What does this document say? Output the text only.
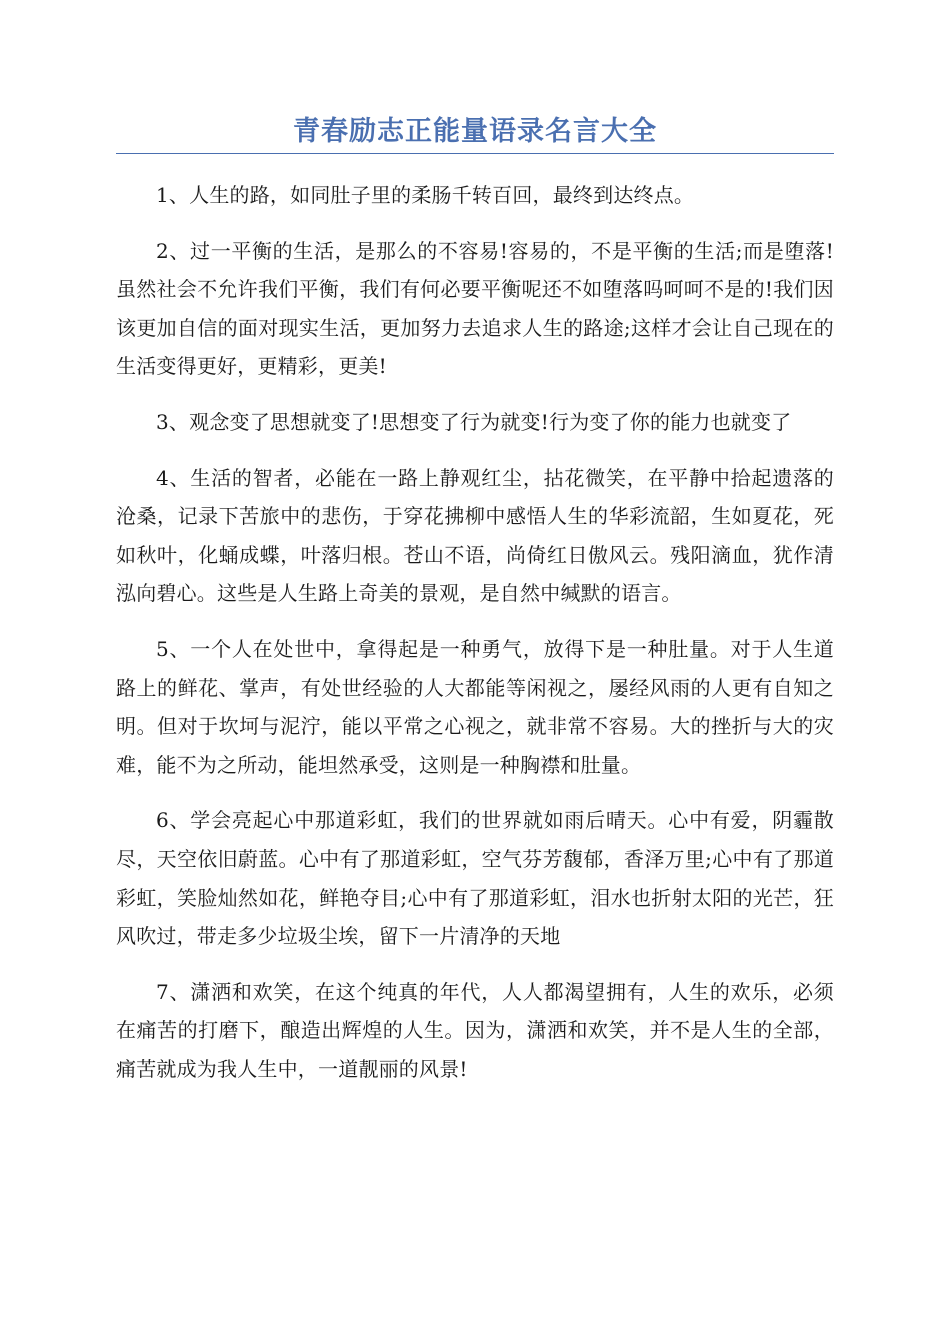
青春励志正能量语录名言大全

1、人生的路，如同肚子里的柔肠千转百回，最终到达终点。

2、过一平衡的生活，是那么的不容易!容易的，不是平衡的生活;而是堕落!虽然社会不允许我们平衡，我们有何必要平衡呢还不如堕落吗呵呵不是的!我们因该更加自信的面对现实生活，更加努力去追求人生的路途;这样才会让自己现在的生活变得更好，更精彩，更美!

3、观念变了思想就变了!思想变了行为就变!行为变了你的能力也就变了

4、生活的智者，必能在一路上静观红尘，拈花微笑，在平静中拾起遗落的沧桑，记录下苦旅中的悲伤，于穿花拂柳中感悟人生的华彩流韶，生如夏花，死如秋叶，化蛹成蝶，叶落归根。苍山不语，尚倚红日傲风云。残阳滴血，犹作清泓向碧心。这些是人生路上奇美的景观，是自然中缄默的语言。

5、一个人在处世中，拿得起是一种勇气，放得下是一种肚量。对于人生道路上的鲜花、掌声，有处世经验的人大都能等闲视之，屡经风雨的人更有自知之明。但对于坎坷与泥泞，能以平常之心视之，就非常不容易。大的挫折与大的灾难，能不为之所动，能坦然承受，这则是一种胸襟和肚量。

6、学会亮起心中那道彩虹，我们的世界就如雨后晴天。心中有爱，阴霾散尽，天空依旧蔚蓝。心中有了那道彩虹，空气芬芳馥郁，香泽万里;心中有了那道彩虹，笑脸灿然如花，鲜艳夺目;心中有了那道彩虹，泪水也折射太阳的光芒，狂风吹过，带走多少垃圾尘埃，留下一片清净的天地

7、潇洒和欢笑，在这个纯真的年代，人人都渴望拥有，人生的欢乐，必须在痛苦的打磨下，酿造出辉煌的人生。因为，潇洒和欢笑，并不是人生的全部，痛苦就成为我人生中，一道靓丽的风景!
